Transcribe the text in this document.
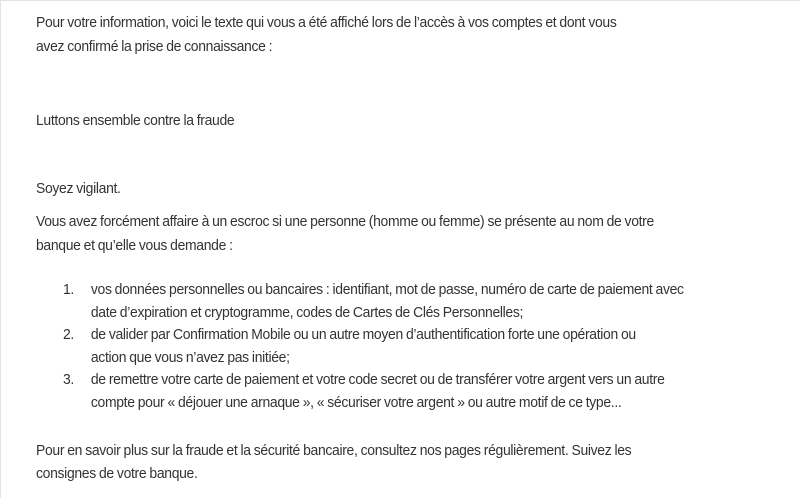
Pour votre information, voici le texte qui vous a été affiché lors de l’accès à vos comptes et dont vous
avez confirmé la prise de connaissance :

Luttons ensemble contre la fraude

Soyez vigilant.

Vous avez forcément affaire à un escroc si une personne (homme ou femme) se présente au nom de votre
banque et qu’elle vous demande :

1. vos données personnelles ou bancaires : identifiant, mot de passe, numéro de carte de paiement avec
date d’expiration et cryptogramme, codes de Cartes de Clés Personnelles;
2. de valider par Confirmation Mobile ou un autre moyen d’authentification forte une opération ou
action que vous n’avez pas initiée;
3. de remettre votre carte de paiement et votre code secret ou de transférer votre argent vers un autre
compte pour « déjouer une arnaque », « sécuriser votre argent » ou autre motif de ce type...

Pour en savoir plus sur la fraude et la sécurité bancaire, consultez nos pages régulièrement. Suivez les
consignes de votre banque.
